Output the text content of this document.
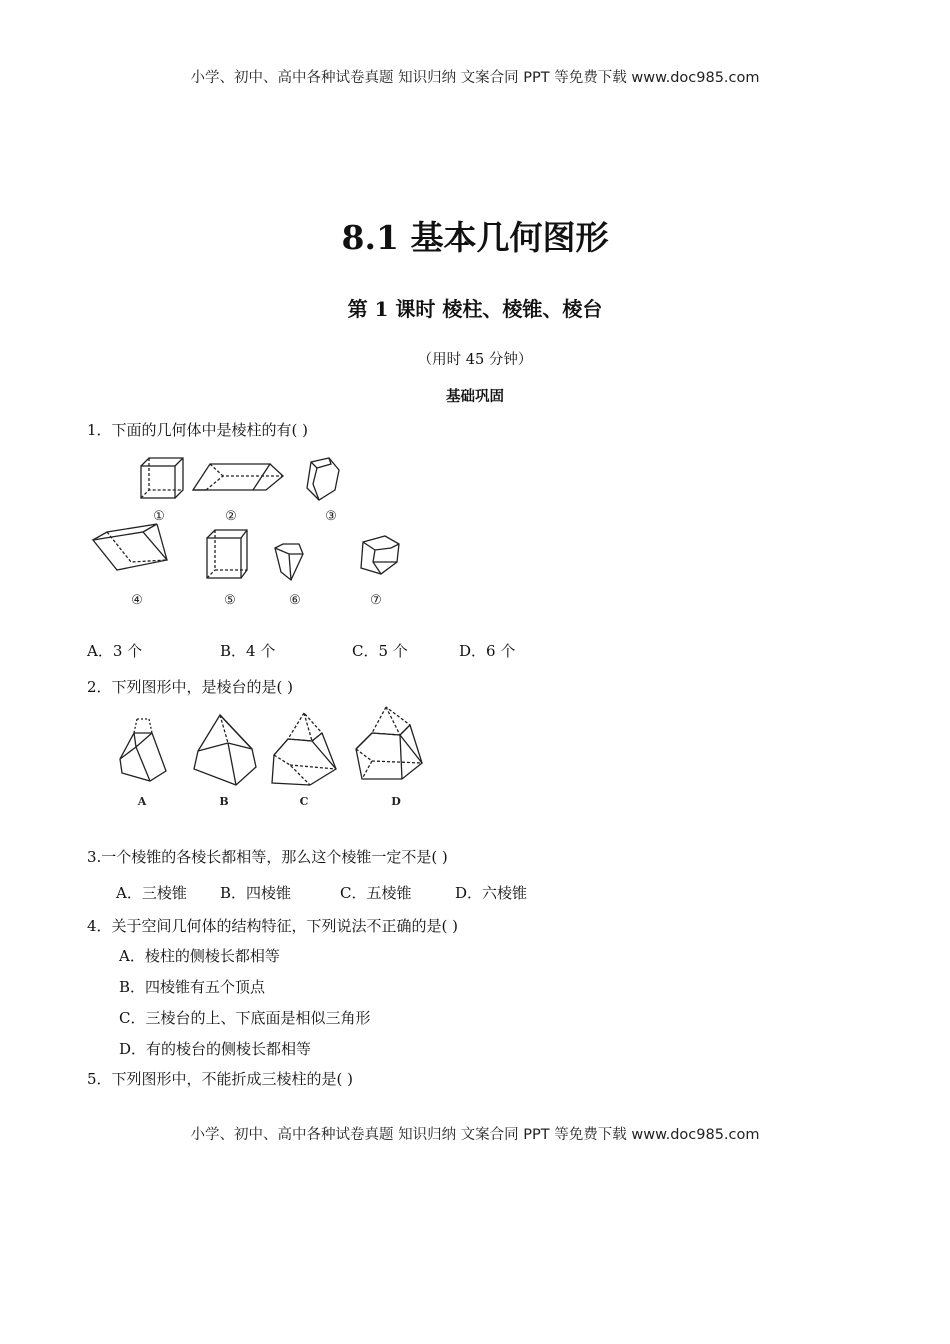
小学、初中、高中各种试卷真题 知识归纳 文案合同 PPT 等免费下载 www.doc985.com
8.1 基本几何图形
第 1 课时 棱柱、棱锥、棱台
（用时 45 分钟）
基础巩固
1．下面的几何体中是棱柱的有( )
①	②	③
④	⑤	⑥	⑦
A．3 个	B．4 个	C．5 个	D．6 个
2．下列图形中，是棱台的是( )
A	B	C	D
3.一个棱锥的各棱长都相等，那么这个棱锥一定不是( )
A．三棱锥 B．四棱锥	C．五棱锥	D．六棱锥
4．关于空间几何体的结构特征，下列说法不正确的是( )
A．棱柱的侧棱长都相等
B．四棱锥有五个顶点
C．三棱台的上、下底面是相似三角形
D．有的棱台的侧棱长都相等
5．下列图形中，不能折成三棱柱的是( )
小学、初中、高中各种试卷真题 知识归纳 文案合同 PPT 等免费下载 www.doc985.com
